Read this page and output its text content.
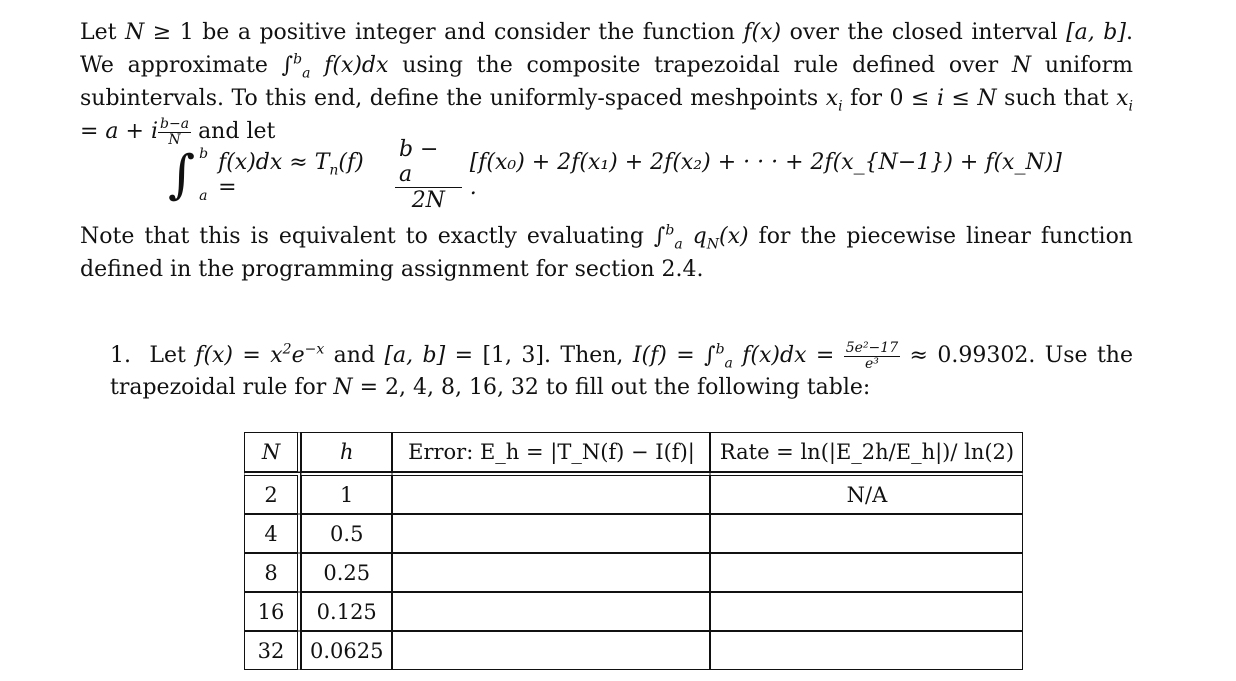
Let N ≥ 1 be a positive integer and consider the function f(x) over the closed interval [a, b]. We approximate ∫$^b_a$ f(x)dx using the composite trapezoidal rule defined over N uniform subintervals. To this end, define the uniformly-spaced meshpoints $x_i$ for 0 ≤ i ≤ N such that $x_i = a + i \frac{b-a}{N}$ and let
∫ b
a
$f(x)dx \approx T_n(f)$ =	$\frac{b - a}{2N} [f(x_0) + 2f(x_1) + 2f(x_2)$ + · · · + 2f(x_{N−1}) + f(x_N)] .
Note that this is equivalent to exactly evaluating ∫$^b_a$ $q_N(x)$ for the piecewise linear function defined in the programming assignment for section 2.4.
1. Let $f(x) = x^2e^{-x}$ and [a, b] = [1, 3]. Then, I(f) = ∫$^b_a$ $f(x)dx = \frac{\text{5e²−17}}{\text{e³}} \approx 0.99302$. Use the trapezoidal rule for N = 2, 4, 8, 16, 32 to fill out the following table:
N	h	Error: E_h = |T_N(f) − I(f)|	Rate = ln(|E_2h/E_h|)/ ln(2)
2	1		N/A
4	0.5		
8	0.25		
16	0.125		
32	0.0625		
